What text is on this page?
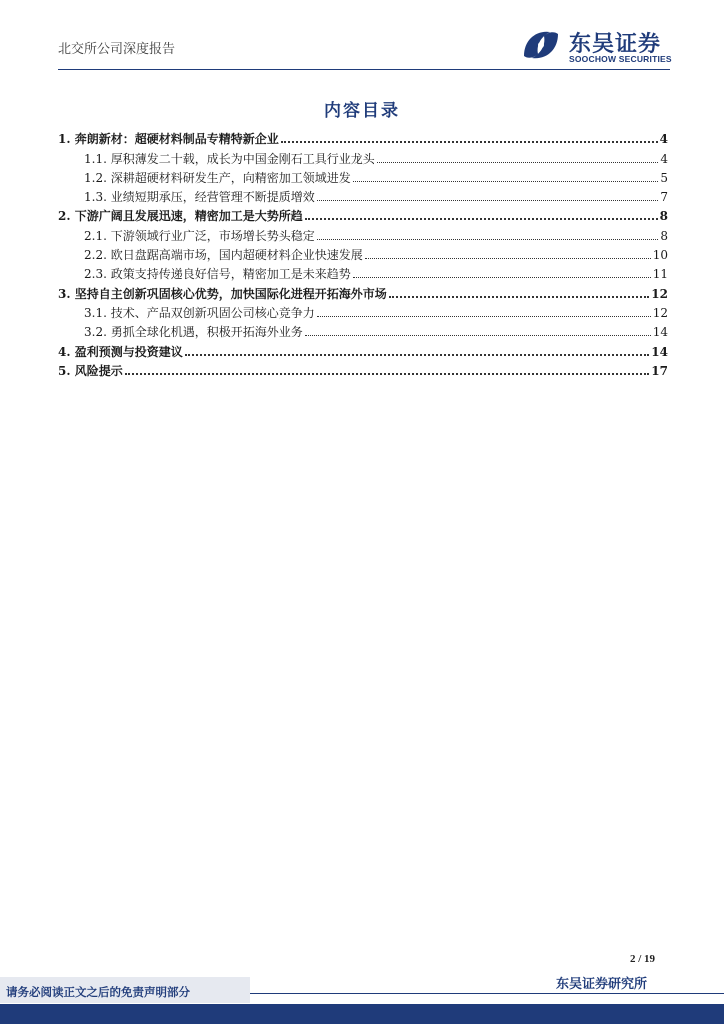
北交所公司深度报告	东吴证券
SOOCHOW SECURITIES
内容目录
1. 奔朗新材：超硬材料制品专精特新企业	4
1.1. 厚积薄发二十载，成长为中国金刚石工具行业龙头	4
1.2. 深耕超硬材料研发生产，向精密加工领域进发	5
1.3. 业绩短期承压，经营管理不断提质增效	7
2. 下游广阔且发展迅速，精密加工是大势所趋	8
2.1. 下游领域行业广泛，市场增长势头稳定	8
2.2. 欧日盘踞高端市场，国内超硬材料企业快速发展	10
2.3. 政策支持传递良好信号，精密加工是未来趋势	11
3. 坚持自主创新巩固核心优势，加快国际化进程开拓海外市场	12
3.1. 技术、产品双创新巩固公司核心竞争力	12
3.2. 勇抓全球化机遇，积极开拓海外业务	14
4. 盈利预测与投资建议	14
5. 风险提示	17
2 / 19
请务必阅读正文之后的免责声明部分	东吴证券研究所
